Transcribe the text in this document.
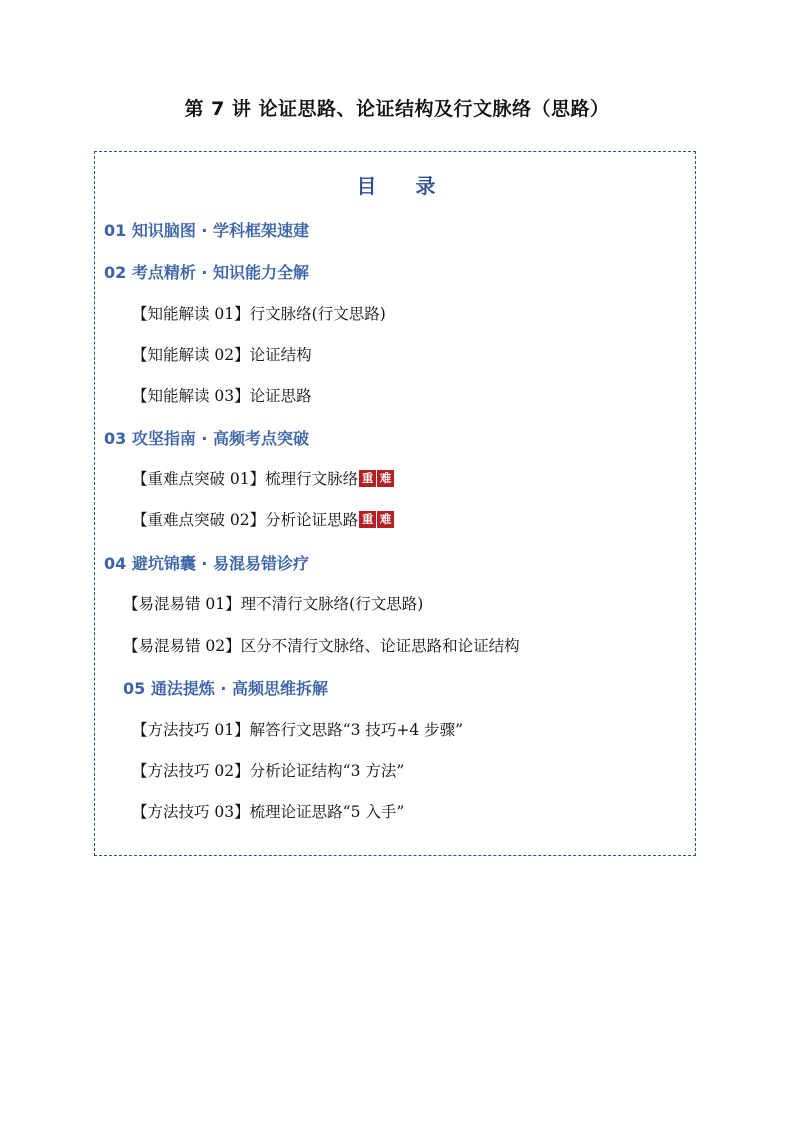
第 7 讲 论证思路、论证结构及行文脉络（思路）
目 录
01 知识脑图 · 学科框架速建
02 考点精析 · 知识能力全解
【知能解读 01】行文脉络(行文思路)
【知能解读 02】论证结构
【知能解读 03】论证思路
03 攻坚指南 · 高频考点突破
【重难点突破 01】梳理行文脉络 重 难
【重难点突破 02】分析论证思路 重 难
04 避坑锦囊 · 易混易错诊疗
【易混易错 01】理不清行文脉络(行文思路)
【易混易错 02】区分不清行文脉络、论证思路和论证结构
05 通法提炼 · 高频思维拆解
【方法技巧 01】解答行文思路“3 技巧+4 步骤”
【方法技巧 02】分析论证结构“3 方法”
【方法技巧 03】梳理论证思路“5 入手”
